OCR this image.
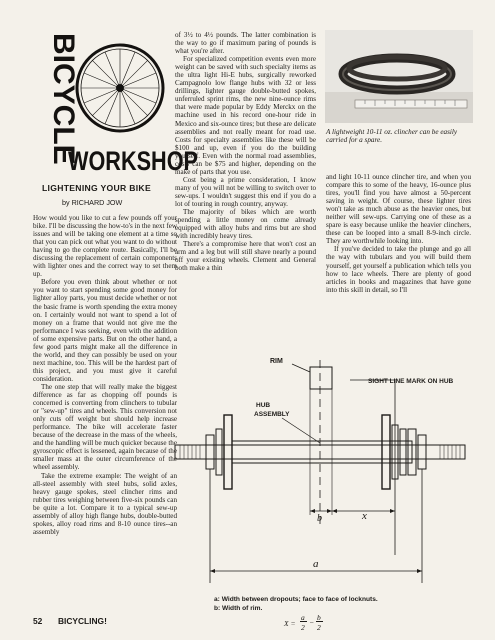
BICYCLE
WORKSHOP
A lightweight 10-11 oz. clincher can be easily carried for a spare.
LIGHTENING YOUR BIKE
by RICHARD JOW

How would you like to cut a few pounds off your bike. I'll be discussing the how-to's in the next few issues and will be taking one element at a time so that you can pick out what you want to do without having to go the complete route. Basically, I'll be discussing the replacement of certain components with lighter ones and the correct way to set them up.

Before you even think about whether or not you want to start spending some good money for lighter alloy parts, you must decide whether or not the basic frame is worth spending the extra money on. I certainly would not want to spend a lot of money on a frame that would not give me the performance I was seeking, even with the addition of some expensive parts. But on the other hand, a few good parts might make all the difference in the world, and they can possibly be used on your next machine, too. This will be the hardest part of this project, and you must give it careful consideration.

The one step that will really make the biggest difference as far as chopping off pounds is concerned is converting from clinchers to tubular or "sew-up" tires and wheels. This conversion not only cuts off weight but should help increase performance. The bike will accelerate faster because of the decrease in the mass of the wheels, and the handling will be much quicker because the gyroscopic effect is lessened, again because of the smaller mass at the outer circumference of the wheel assembly.

Take the extreme example: The weight of an all-steel assembly with steel hubs, solid axles, heavy gauge spokes, steel clincher rims and rubber tires weighing between five-six pounds can be quite a lot. Compare it to a typical sew-up assembly of alloy high flange hubs, double-butted spokes, alloy road rims and 8-10 ounce tires--an assembly

of 3½ to 4½ pounds. The latter combination is the way to go if maximum paring of pounds is what you're after.

For specialized competition events even more weight can be saved with such specialty items as the ultra light Hi-E hubs, surgically reworked Campagnolo low flange hubs with 32 or less drillings, lighter gauge double-butted spokes, unferruled sprint rims, the new nine-ounce rims that were made popular by Eddy Merckx on the machine used in his record one-hour ride in Mexico and six-ounce tires; but these are delicate assemblies and not really meant for road use. Costs for specialty assemblies like these will be $100 and up, even if you do the building yourself. Even with the normal road assemblies, costs can be $75 and higher, depending on the make of parts that you use.

Cost being a prime consideration, I know many of you will not be willing to switch over to sew-ups. I wouldn't suggest this end if you do a lot of touring in rough country, anyway.

The majority of bikes which are worth spending a little money on come already equipped with alloy hubs and rims but are shod with incredibly heavy tires.

There's a compromise here that won't cost an arm and a leg but will still shave nearly a pound off your existing wheels. Clement and General both make a thin

and light 10-11 ounce clincher tire, and when you compare this to some of the heavy, 16-ounce plus tires, you'll find you have almost a 50-percent saving in weight. Of course, these lighter tires won't take as much abuse as the heavier ones, but neither will sew-ups. Carrying one of these as a spare is easy because unlike the heavier clinchers, these can be looped into a small 8-9-inch circle. They are worthwhile looking into.

If you've decided to take the plunge and go all the way with tubulars and you will build them yourself, get yourself a publication which tells you how to lace wheels. There are plenty of good articles in books and magazines that have gone into this skill in detail, so I'll

RIM
SIGHT LINE MARK ON HUB
HUB
ASSEMBLY
b	x
a
a: Width between dropouts; face to face of locknuts.
b: Width of rim.
X =
a
2
−
b
2
52 BICYCLING!
